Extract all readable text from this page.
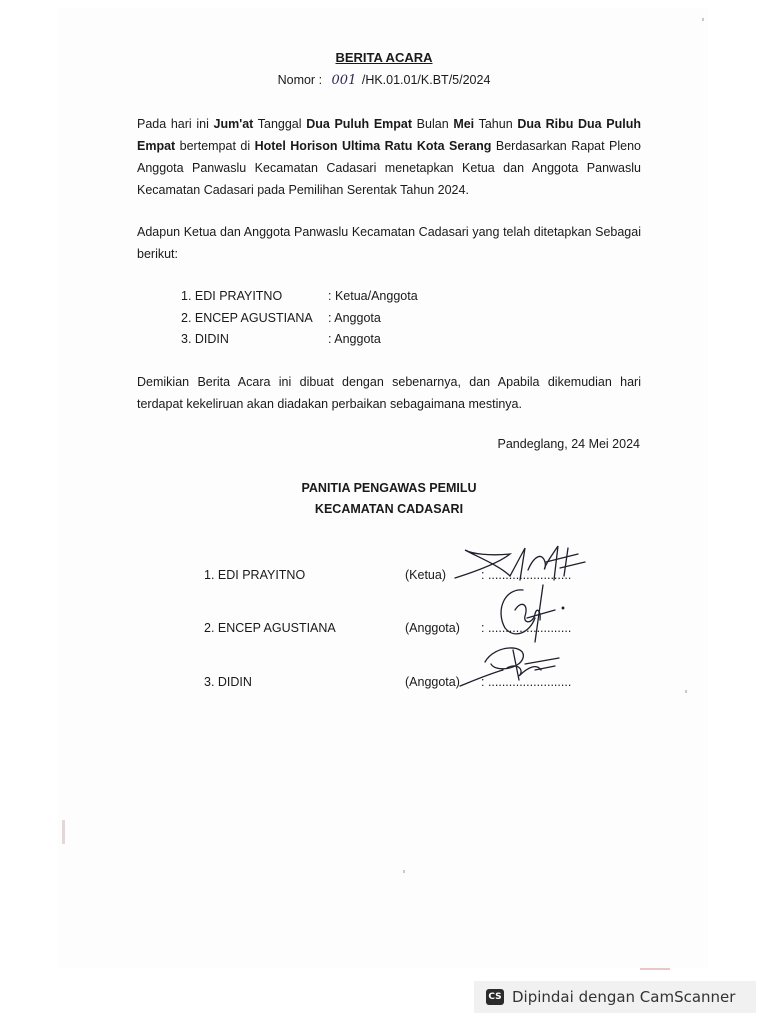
BERITA ACARA
Nomor : 001 /HK.01.01/K.BT/5/2024
Pada hari ini Jum'at Tanggal Dua Puluh Empat Bulan Mei Tahun Dua Ribu Dua Puluh Empat bertempat di Hotel Horison Ultima Ratu Kota Serang Berdasarkan Rapat Pleno Anggota Panwaslu Kecamatan Cadasari menetapkan Ketua dan Anggota Panwaslu Kecamatan Cadasari pada Pemilihan Serentak Tahun 2024.
Adapun Ketua dan Anggota Panwaslu Kecamatan Cadasari yang telah ditetapkan Sebagai berikut:
1. EDI PRAYITNO	: Ketua/Anggota
2. ENCEP AGUSTIANA : Anggota
3. DIDIN	: Anggota
Demikian Berita Acara ini dibuat dengan sebenarnya, dan Apabila dikemudian hari terdapat kekeliruan akan diadakan perbaikan sebagaimana mestinya.
Pandeglang, 24 Mei 2024
PANITIA PENGAWAS PEMILU
KECAMATAN CADASARI
1. EDI PRAYITNO	(Ketua)	: ........................
2. ENCEP AGUSTIANA	(Anggota) : ........................
3. DIDIN	(Anggota) : ........................
CS Dipindai dengan CamScanner
